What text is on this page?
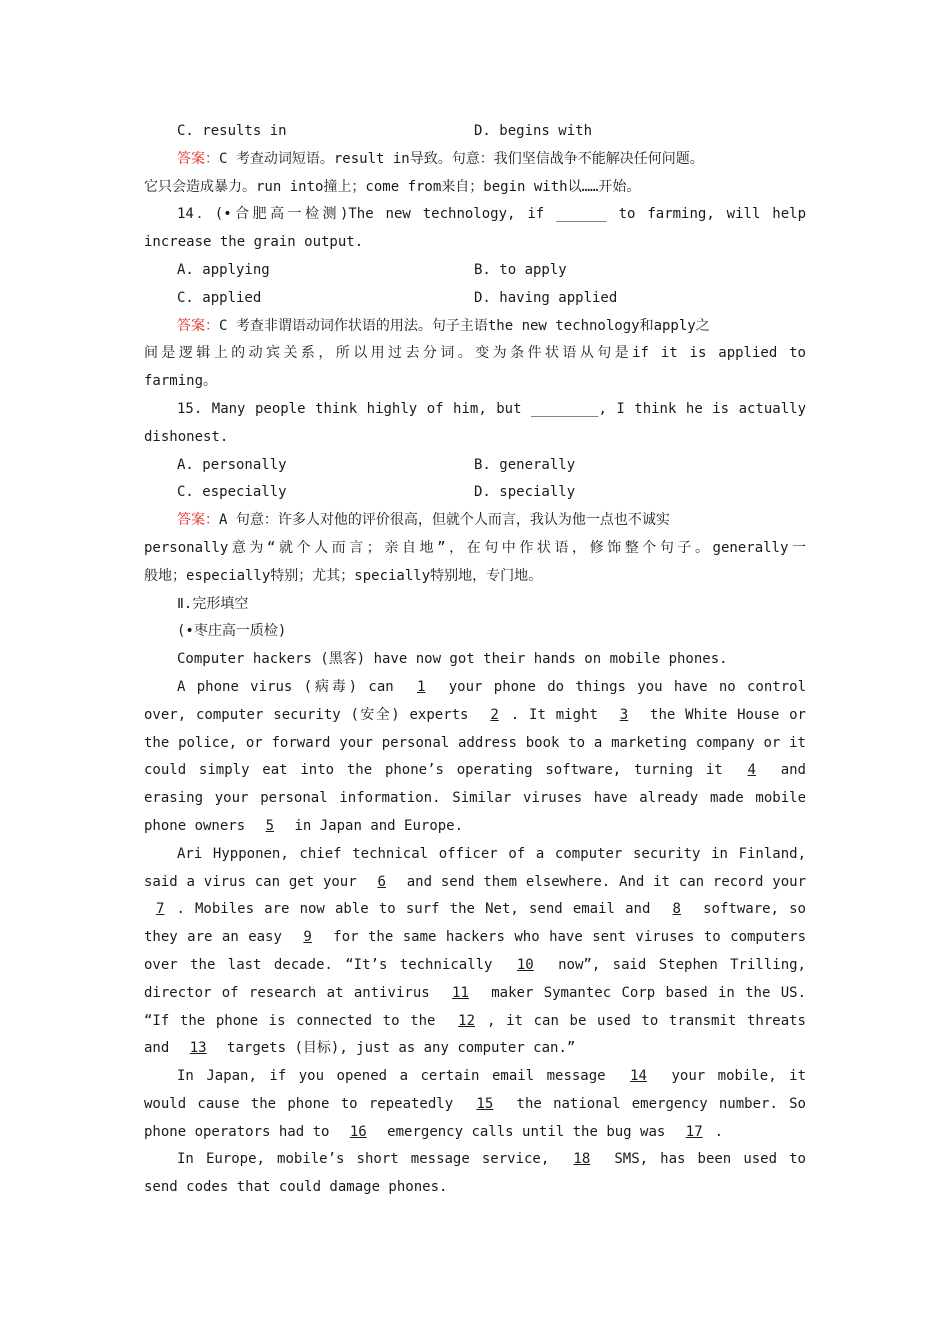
C. results in	D. begins with
答案：C 考查动词短语。result in导致。句意：我们坚信战争不能解决任何问题。
它只会造成暴力。run into撞上；come from来自；begin with以……开始。
14．(•合肥高一检测)The new technology, if ______ to farming, will help
increase the grain output.
A. applying	B. to apply
C. applied	D. having applied
答案：C 考查非谓语动词作状语的用法。句子主语the new technology和apply之
间是逻辑上的动宾关系，所以用过去分词。变为条件状语从句是if it is applied to
farming。
15. Many people think highly of him, but ________, I think he is actually
dishonest.
A. personally	B. generally
C. especially	D. specially
答案：A 句意：许多人对他的评价很高，但就个人而言，我认为他一点也不诚实
personally意为“就个人而言；亲自地”，在句中作状语，修饰整个句子。generally一
般地；especially特别；尤其；specially特别地，专门地。
Ⅱ.完形填空
(•枣庄高一质检)
Computer hackers (黑客) have now got their hands on mobile phones.
A phone virus (病毒) can 1 your phone do things you have no control
over, computer security (安全) experts 2 . It might 3 the White House or
the police, or forward your personal address book to a marketing company or it
could simply eat into the phone’s operating software, turning it 4 and
erasing your personal information. Similar viruses have already made mobile
phone owners 5 in Japan and Europe.
Ari Hypponen, chief technical officer of a computer security in Finland,
said a virus can get your 6 and send them elsewhere. And it can record your
7 . Mobiles are now able to surf the Net, send email and 8 software, so
they are an easy 9 for the same hackers who have sent viruses to computers
over the last decade. “It’s technically 10 now”, said Stephen Trilling,
director of research at antivirus 11 maker Symantec Corp based in the US.
“If the phone is connected to the 12 , it can be used to transmit threats
and 13 targets (目标), just as any computer can.”
In Japan, if you opened a certain email message 14 your mobile, it
would cause the phone to repeatedly 15 the national emergency number. So
phone operators had to 16 emergency calls until the bug was 17 .
In Europe, mobile’s short message service, 18 SMS, has been used to
send codes that could damage phones.
